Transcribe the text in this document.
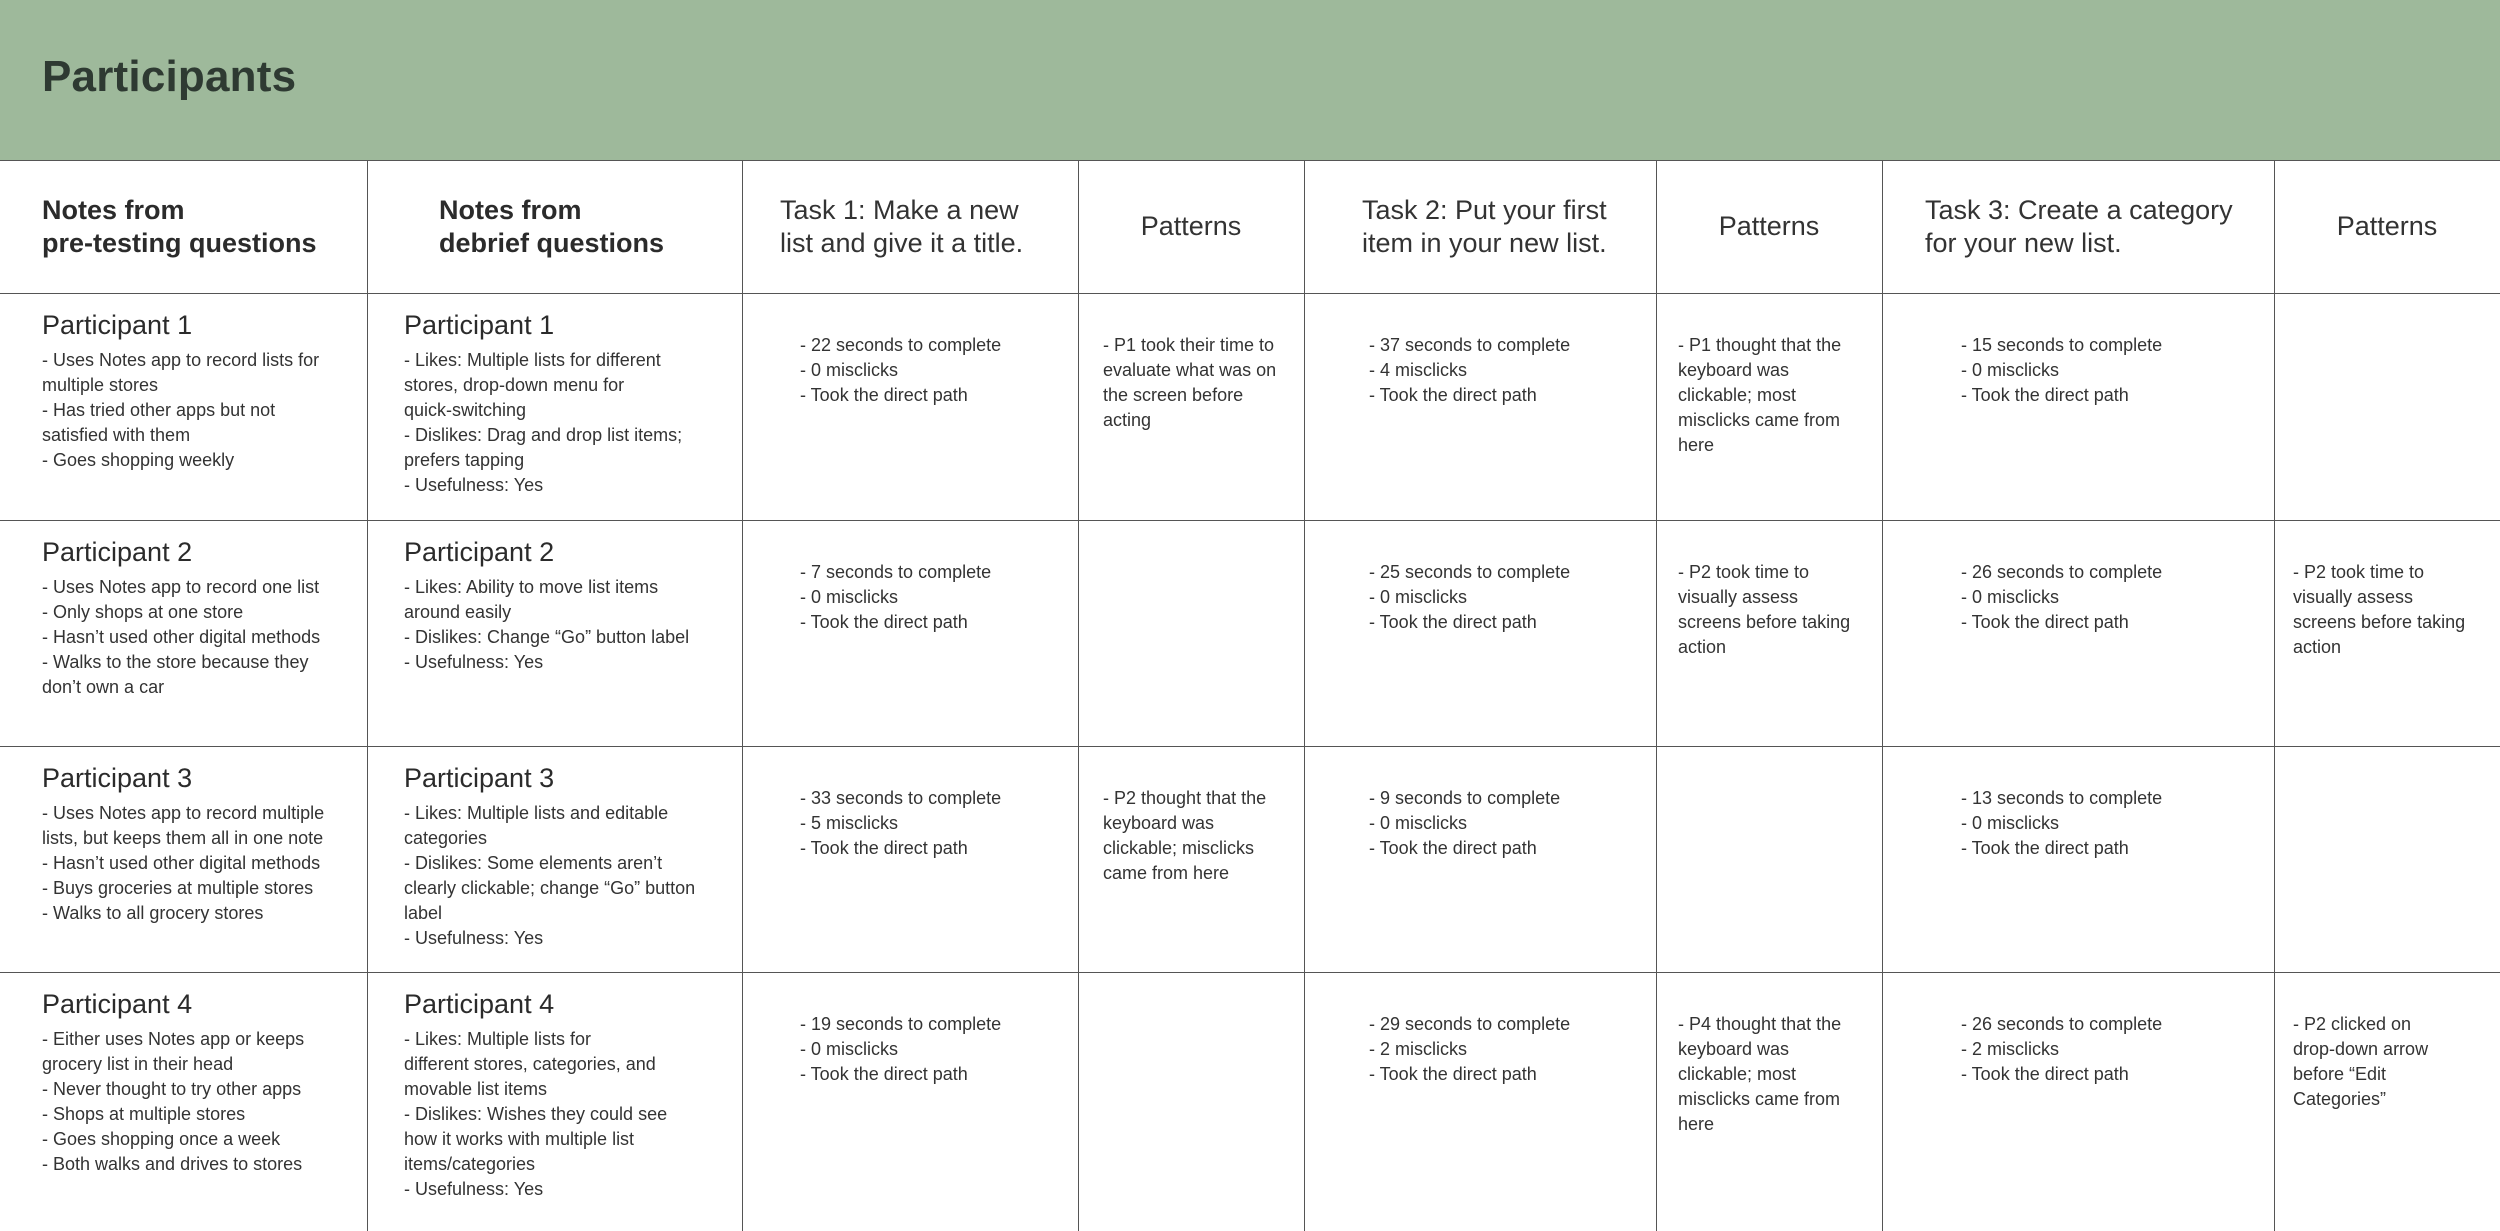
Participants
Notes from
pre-testing questions
Notes from
debrief questions
Task 1: Make a new
list and give it a title.
Patterns
Task 2: Put your first
item in your new list.
Patterns
Task 3: Create a category
for your new list.
Patterns
Participant 1
- Uses Notes app to record lists for
multiple stores
- Has tried other apps but not
satisfied with them
- Goes shopping weekly
Participant 1
- Likes: Multiple lists for different
stores, drop-down menu for
quick-switching
- Dislikes: Drag and drop list items;
prefers tapping
- Usefulness: Yes
- 22 seconds to complete
- 0 misclicks
- Took the direct path
- P1 took their time to
evaluate what was on
the screen before
acting
- 37 seconds to complete
- 4 misclicks
- Took the direct path
- P1 thought that the
keyboard was
clickable; most
misclicks came from
here
- 15 seconds to complete
- 0 misclicks
- Took the direct path
Participant 2
- Uses Notes app to record one list
- Only shops at one store
- Hasn’t used other digital methods
- Walks to the store because they
don’t own a car
Participant 2
- Likes: Ability to move list items
around easily
- Dislikes: Change “Go” button label
- Usefulness: Yes
- 7 seconds to complete
- 0 misclicks
- Took the direct path
- 25 seconds to complete
- 0 misclicks
- Took the direct path
- P2 took time to
visually assess
screens before taking
action
- 26 seconds to complete
- 0 misclicks
- Took the direct path
- P2 took time to
visually assess
screens before taking
action
Participant 3
- Uses Notes app to record multiple
lists, but keeps them all in one note
- Hasn’t used other digital methods
- Buys groceries at multiple stores
- Walks to all grocery stores
Participant 3
- Likes: Multiple lists and editable
categories
- Dislikes: Some elements aren’t
clearly clickable; change “Go” button
label
- Usefulness: Yes
- 33 seconds to complete
- 5 misclicks
- Took the direct path
- P2 thought that the
keyboard was
clickable; misclicks
came from here
- 9 seconds to complete
- 0 misclicks
- Took the direct path
- 13 seconds to complete
- 0 misclicks
- Took the direct path
Participant 4
- Either uses Notes app or keeps
grocery list in their head
- Never thought to try other apps
- Shops at multiple stores
- Goes shopping once a week
- Both walks and drives to stores
Participant 4
- Likes: Multiple lists for
different stores, categories, and
movable list items
- Dislikes: Wishes they could see
how it works with multiple list
items/categories
- Usefulness: Yes
- 19 seconds to complete
- 0 misclicks
- Took the direct path
- 29 seconds to complete
- 2 misclicks
- Took the direct path
- P4 thought that the
keyboard was
clickable; most
misclicks came from
here
- 26 seconds to complete
- 2 misclicks
- Took the direct path
- P2 clicked on
drop-down arrow
before “Edit
Categories”
